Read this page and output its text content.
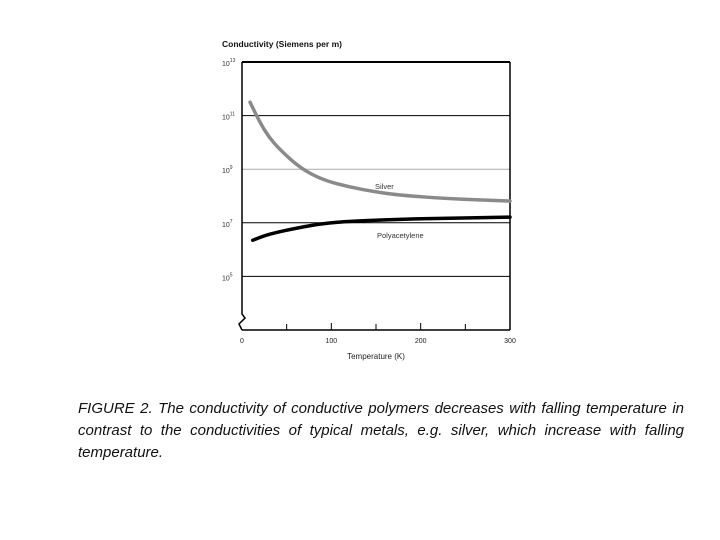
Conductivity (Siemens per m)
$10^{13}$
$10^{11}$
$10^9$
$10^7$
$10^5$
0	100	200	300
Silver
Polyacetylene
Temperature (K)
FIGURE 2. The conductivity of conductive polymers decreases with falling temperature in contrast to the conductivities of typical metals, e.g. silver, which increase with falling temperature.
